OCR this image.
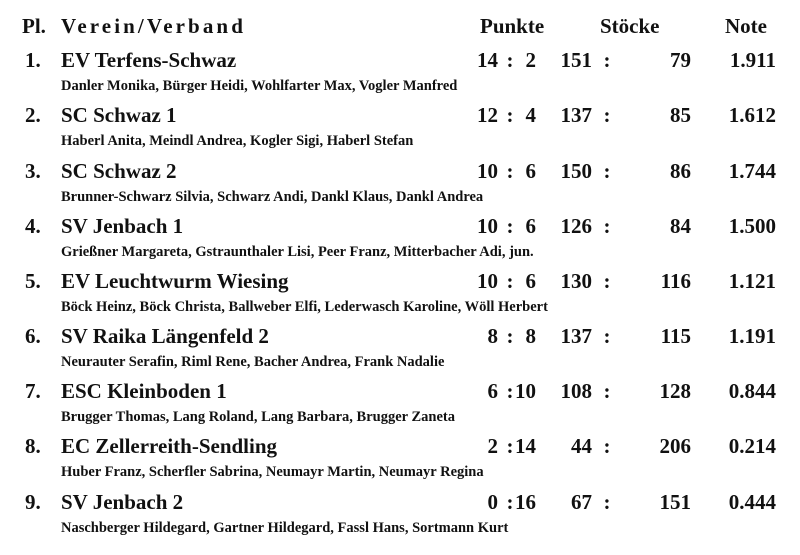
Pl. Verein/Verband	Punkte	Stöcke	Note
1. EV Terfens-Schwaz	14 : 2	151 :	79	1.911
Danler Monika, Bürger Heidi, Wohlfarter Max, Vogler Manfred
2. SC Schwaz 1	12 : 4	137 :	85	1.612
Haberl Anita, Meindl Andrea, Kogler Sigi, Haberl Stefan
3. SC Schwaz 2	10 : 6	150 :	86	1.744
Brunner-Schwarz Silvia, Schwarz Andi, Dankl Klaus, Dankl Andrea
4. SV Jenbach 1	10 : 6	126 :	84	1.500
Grießner Margareta, Gstraunthaler Lisi, Peer Franz, Mitterbacher Adi, jun.
5. EV Leuchtwurm Wiesing	10 : 6	130 :	116	1.121
Böck Heinz, Böck Christa, Ballweber Elfi, Lederwasch Karoline, Wöll Herbert
6. SV Raika Längenfeld 2	8 : 8	137 :	115	1.191
Neurauter Serafin, Riml Rene, Bacher Andrea, Frank Nadalie
7. ESC Kleinboden 1	6 : 10	108 :	128	0.844
Brugger Thomas, Lang Roland, Lang Barbara, Brugger Zaneta
8. EC Zellerreith-Sendling	2 : 14	44 :	206	0.214
Huber Franz, Scherfler Sabrina, Neumayr Martin, Neumayr Regina
9. SV Jenbach 2	0 : 16	67 :	151	0.444
Naschberger Hildegard, Gartner Hildegard, Fassl Hans, Sortmann Kurt
